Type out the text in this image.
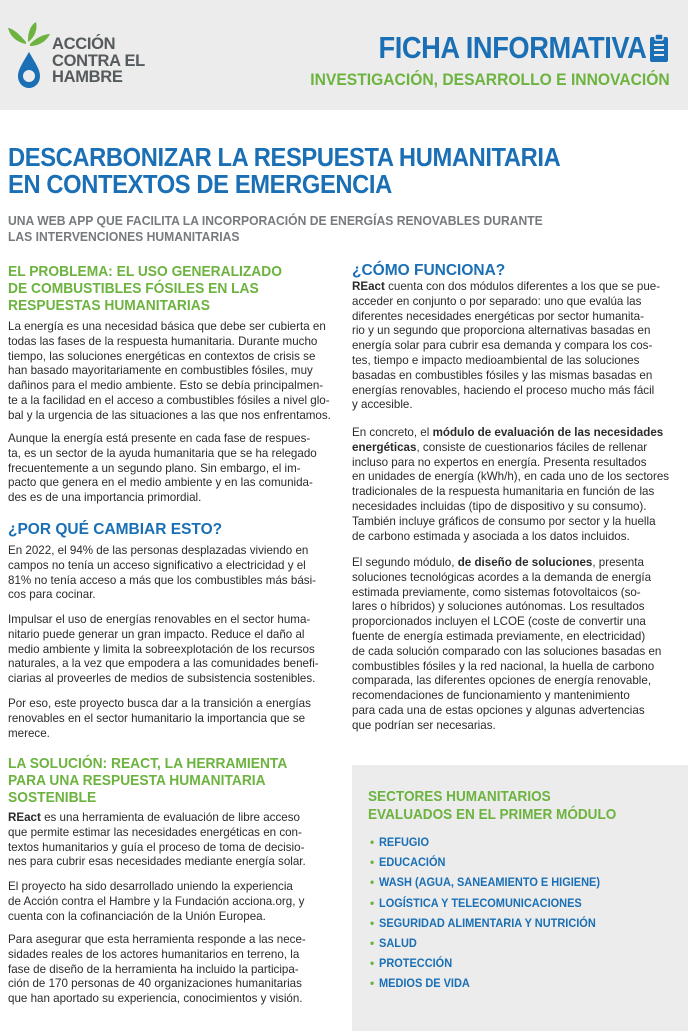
ACCIÓN
CONTRA EL
HAMBRE
FICHA INFORMATIVA
INVESTIGACIÓN, DESARROLLO E INNOVACIÓN
DESCARBONIZAR LA RESPUESTA HUMANITARIA
EN CONTEXTOS DE EMERGENCIA
UNA WEB APP QUE FACILITA LA INCORPORACIÓN DE ENERGÍAS RENOVABLES DURANTE
LAS INTERVENCIONES HUMANITARIAS
EL PROBLEMA: EL USO GENERALIZADO
DE COMBUSTIBLES FÓSILES EN LAS
RESPUESTAS HUMANITARIAS
La energía es una necesidad básica que debe ser cubierta en
todas las fases de la respuesta humanitaria. Durante mucho
tiempo, las soluciones energéticas en contextos de crisis se
han basado mayoritariamente en combustibles fósiles, muy
dañinos para el medio ambiente. Esto se debía principalmen-
te a la facilidad en el acceso a combustibles fósiles a nivel glo-
bal y la urgencia de las situaciones a las que nos enfrentamos.
Aunque la energía está presente en cada fase de respues-
ta, es un sector de la ayuda humanitaria que se ha relegado
frecuentemente a un segundo plano. Sin embargo, el im-
pacto que genera en el medio ambiente y en las comunida-
des es de una importancia primordial.
¿POR QUÉ CAMBIAR ESTO?
En 2022, el 94% de las personas desplazadas viviendo en
campos no tenía un acceso significativo a electricidad y el
81% no tenía acceso a más que los combustibles más bási-
cos para cocinar.
Impulsar el uso de energías renovables en el sector huma-
nitario puede generar un gran impacto. Reduce el daño al
medio ambiente y limita la sobreexplotación de los recursos
naturales, a la vez que empodera a las comunidades benefi-
ciarias al proveerles de medios de subsistencia sostenibles.
Por eso, este proyecto busca dar a la transición a energías
renovables en el sector humanitario la importancia que se
merece.
LA SOLUCIÓN: REACT, LA HERRAMIENTA
PARA UNA RESPUESTA HUMANITARIA
SOSTENIBLE
REact es una herramienta de evaluación de libre acceso
que permite estimar las necesidades energéticas en con-
textos humanitarios y guía el proceso de toma de decisio-
nes para cubrir esas necesidades mediante energía solar.
El proyecto ha sido desarrollado uniendo la experiencia
de Acción contra el Hambre y la Fundación acciona.org, y
cuenta con la cofinanciación de la Unión Europea.
Para asegurar que esta herramienta responde a las nece-
sidades reales de los actores humanitarios en terreno, la
fase de diseño de la herramienta ha incluido la participa-
ción de 170 personas de 40 organizaciones humanitarias
que han aportado su experiencia, conocimientos y visión.
¿CÓMO FUNCIONA?
REact cuenta con dos módulos diferentes a los que se pue-
acceder en conjunto o por separado: uno que evalúa las
diferentes necesidades energéticas por sector humanita-
rio y un segundo que proporciona alternativas basadas en
energía solar para cubrir esa demanda y compara los cos-
tes, tiempo e impacto medioambiental de las soluciones
basadas en combustibles fósiles y las mismas basadas en
energías renovables, haciendo el proceso mucho más fácil
y accesible.
En concreto, el módulo de evaluación de las necesidades
energéticas, consiste de cuestionarios fáciles de rellenar
incluso para no expertos en energía. Presenta resultados
en unidades de energía (kWh/h), en cada uno de los sectores
tradicionales de la respuesta humanitaria en función de las
necesidades incluidas (tipo de dispositivo y su consumo).
También incluye gráficos de consumo por sector y la huella
de carbono estimada y asociada a los datos incluidos.
El segundo módulo, de diseño de soluciones, presenta
soluciones tecnológicas acordes a la demanda de energía
estimada previamente, como sistemas fotovoltaicos (so-
lares o híbridos) y soluciones autónomas. Los resultados
proporcionados incluyen el LCOE (coste de convertir una
fuente de energía estimada previamente, en electricidad)
de cada solución comparado con las soluciones basadas en
combustibles fósiles y la red nacional, la huella de carbono
comparada, las diferentes opciones de energía renovable,
recomendaciones de funcionamiento y mantenimiento
para cada una de estas opciones y algunas advertencias
que podrían ser necesarias.
SECTORES HUMANITARIOS
EVALUADOS EN EL PRIMER MÓDULO
• REFUGIO
• EDUCACIÓN
• WASH (AGUA, SANEAMIENTO E HIGIENE)
• LOGÍSTICA Y TELECOMUNICACIONES
• SEGURIDAD ALIMENTARIA Y NUTRICIÓN
• SALUD
• PROTECCIÓN
• MEDIOS DE VIDA
